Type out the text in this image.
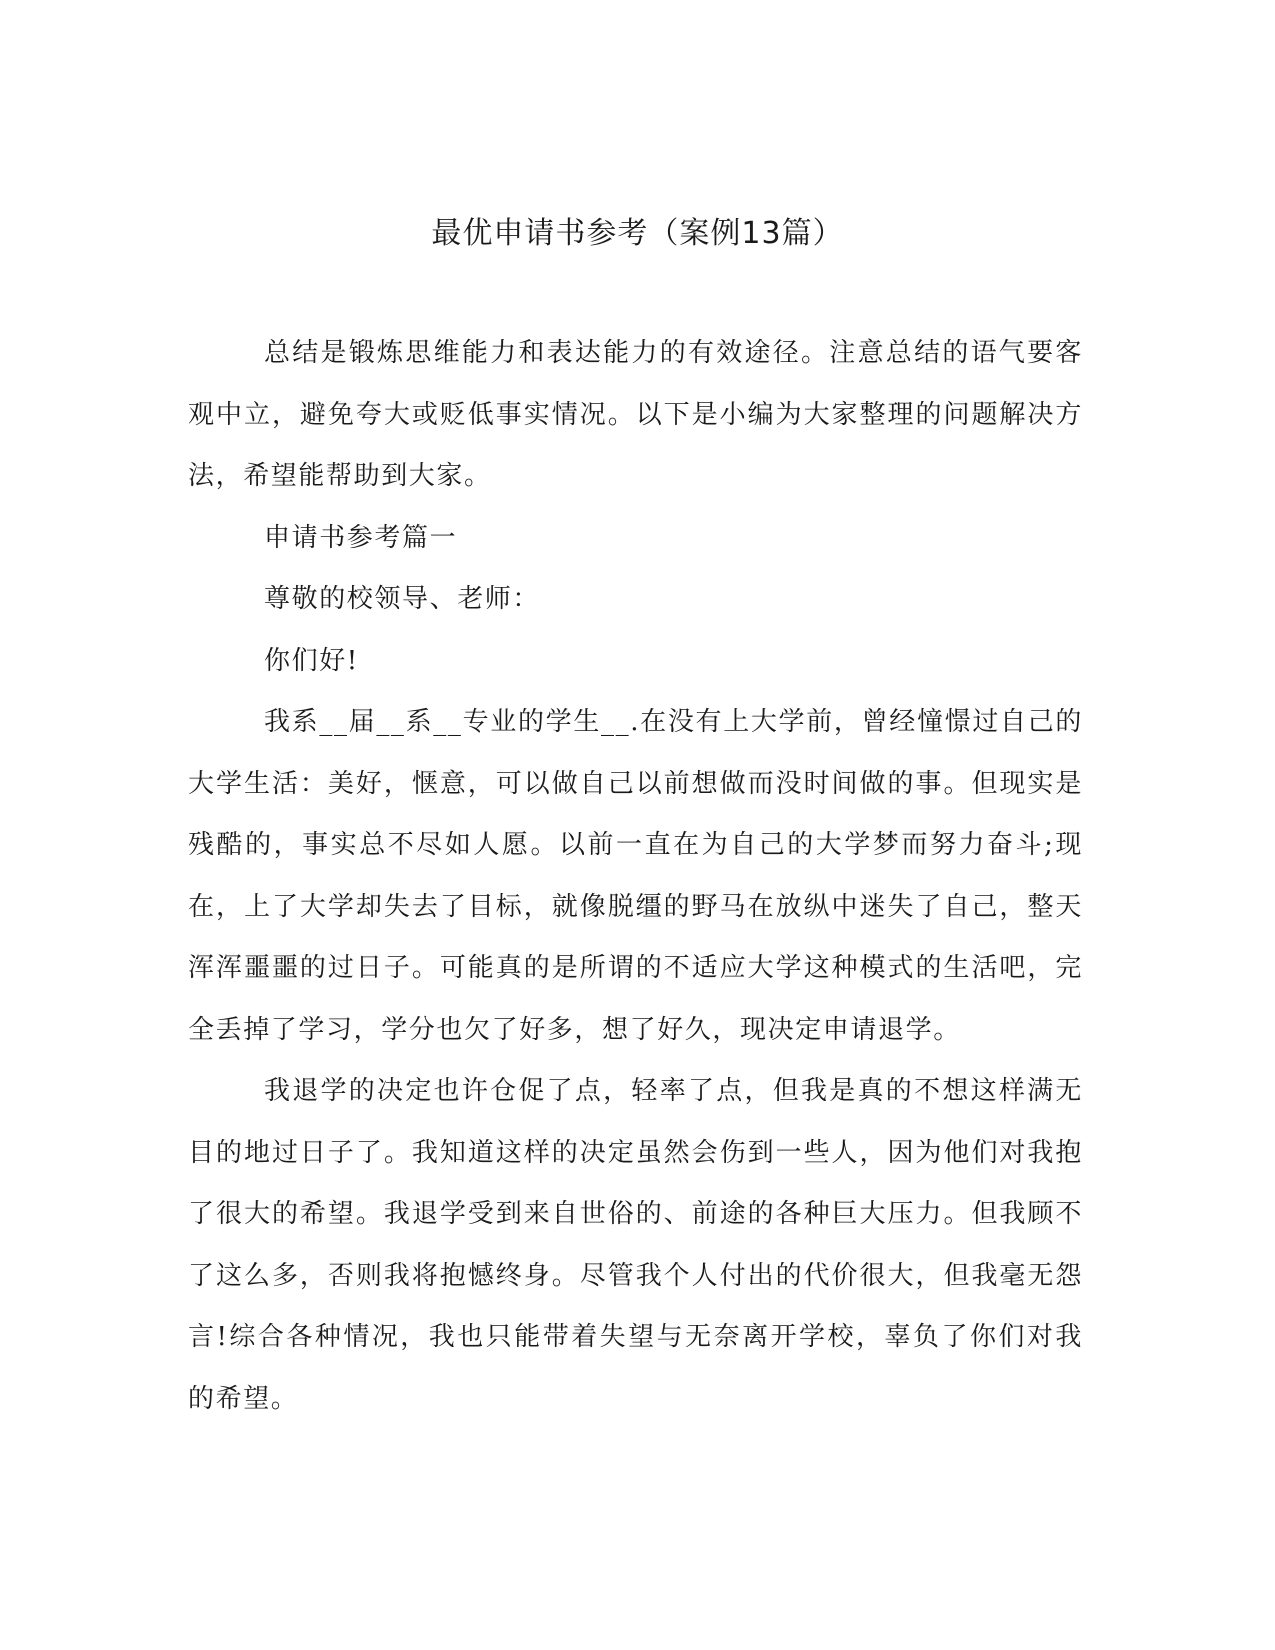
最优申请书参考（案例13篇）

总结是锻炼思维能力和表达能力的有效途径。注意总结的语气要客观中立，避免夸大或贬低事实情况。以下是小编为大家整理的问题解决方法，希望能帮助到大家。

申请书参考篇一

尊敬的校领导、老师：

你们好!

我系__届__系__专业的学生__.在没有上大学前，曾经憧憬过自己的大学生活：美好，惬意，可以做自己以前想做而没时间做的事。但现实是残酷的，事实总不尽如人愿。以前一直在为自己的大学梦而努力奋斗;现在，上了大学却失去了目标，就像脱缰的野马在放纵中迷失了自己，整天浑浑噩噩的过日子。可能真的是所谓的不适应大学这种模式的生活吧，完全丢掉了学习，学分也欠了好多，想了好久，现决定申请退学。

我退学的决定也许仓促了点，轻率了点，但我是真的不想这样满无目的地过日子了。我知道这样的决定虽然会伤到一些人，因为他们对我抱了很大的希望。我退学受到来自世俗的、前途的各种巨大压力。但我顾不了这么多，否则我将抱憾终身。尽管我个人付出的代价很大，但我毫无怨言!综合各种情况，我也只能带着失望与无奈离开学校，辜负了你们对我的希望。
